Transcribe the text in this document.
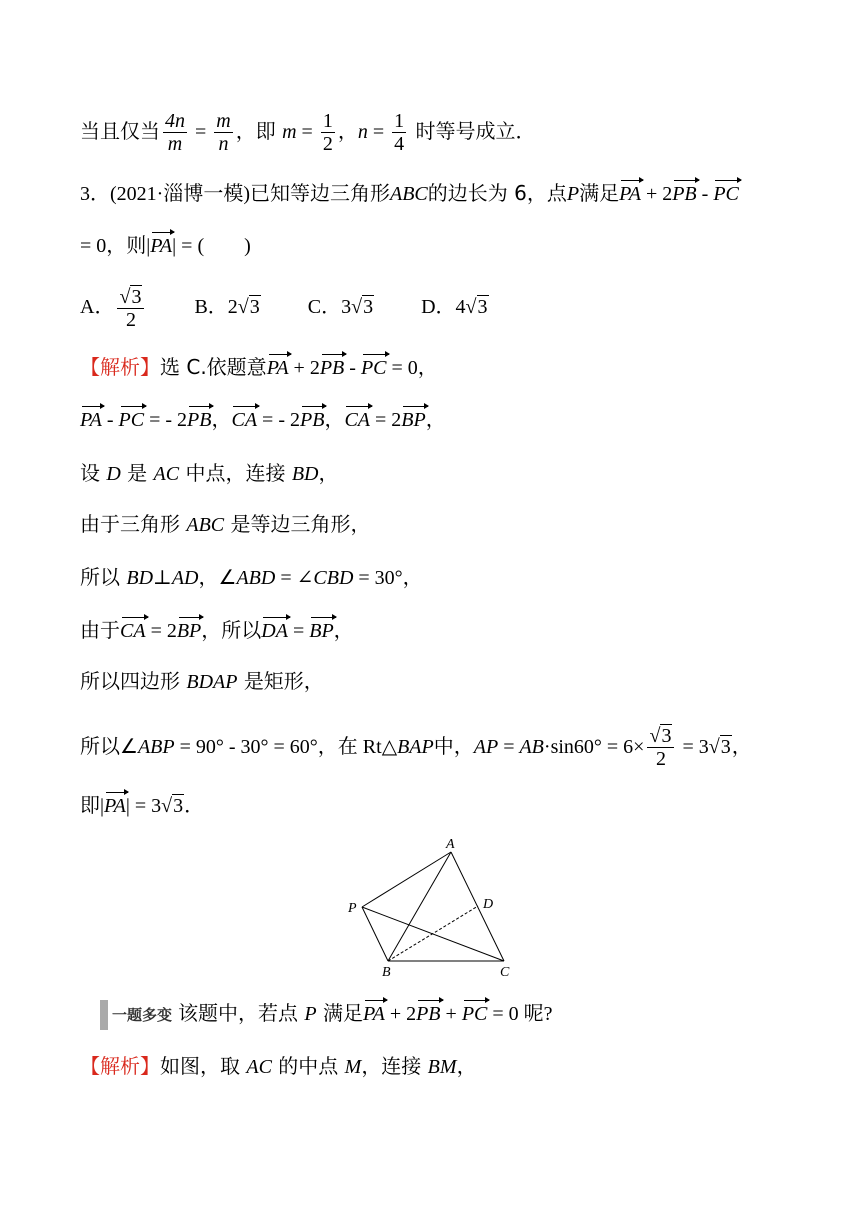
当且仅当 $\frac{4n}{m} = \frac{m}{n}$ ，即 $m = \frac{1}{2}$ ，$n = \frac{1}{4}$ 时等号成立．
3．(2021·淄博一模)已知等边三角形ABC的边长为 6，点P满足PA + 2PB - PC
= 0，则|PA| = (　　)
A． $\frac{√3}{2}$	B．2√3 C．3√3 D．4√3
【解析】选 C.依题意PA + 2PB - PC = 0，
PA - PC = - 2PB，CA = - 2PB，CA = 2BP，
设 D 是 AC 中点，连接 BD，
由于三角形 ABC 是等边三角形，
所以 BD⊥AD，∠ABD = ∠CBD = 30°，
由于CA = 2BP，所以DA = BP，
所以四边形 BDAP 是矩形，
所以∠ABP = 90° - 30° = 60°，在 Rt△BAP中，AP = $AB\cdot\sin 60^\circ = 6\times \frac{√3}{2} = 3√3$，
即|PA| = 3√3．
A
B	C
D
P
一题多变 该题中，若点 P 满足PA + 2PB + PC = 0 呢?
【解析】如图，取 AC 的中点 M，连接 BM，
